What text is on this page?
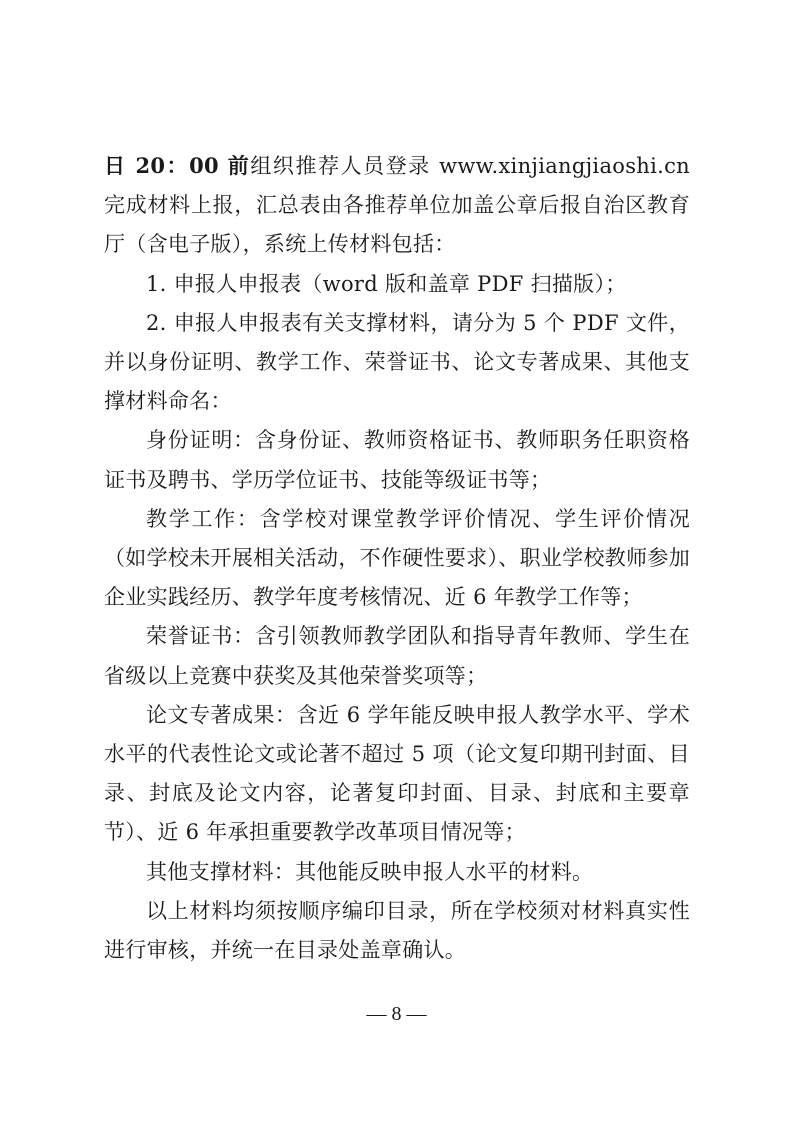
日 20：00 前组织推荐人员登录 www.xinjiangjiaoshi.cn 完成材料上报，汇总表由各推荐单位加盖公章后报自治区教育厅（含电子版），系统上传材料包括：

1. 申报人申报表（word 版和盖章 PDF 扫描版）；

2. 申报人申报表有关支撑材料，请分为 5 个 PDF 文件，并以身份证明、教学工作、荣誉证书、论文专著成果、其他支撑材料命名：

身份证明：含身份证、教师资格证书、教师职务任职资格证书及聘书、学历学位证书、技能等级证书等；

教学工作：含学校对课堂教学评价情况、学生评价情况（如学校未开展相关活动，不作硬性要求）、职业学校教师参加企业实践经历、教学年度考核情况、近 6 年教学工作等；

荣誉证书：含引领教师教学团队和指导青年教师、学生在省级以上竞赛中获奖及其他荣誉奖项等；

论文专著成果：含近 6 学年能反映申报人教学水平、学术水平的代表性论文或论著不超过 5 项（论文复印期刊封面、目录、封底及论文内容，论著复印封面、目录、封底和主要章节）、近 6 年承担重要教学改革项目情况等；

其他支撑材料：其他能反映申报人水平的材料。

以上材料均须按顺序编印目录，所在学校须对材料真实性进行审核，并统一在目录处盖章确认。

— 8 —
